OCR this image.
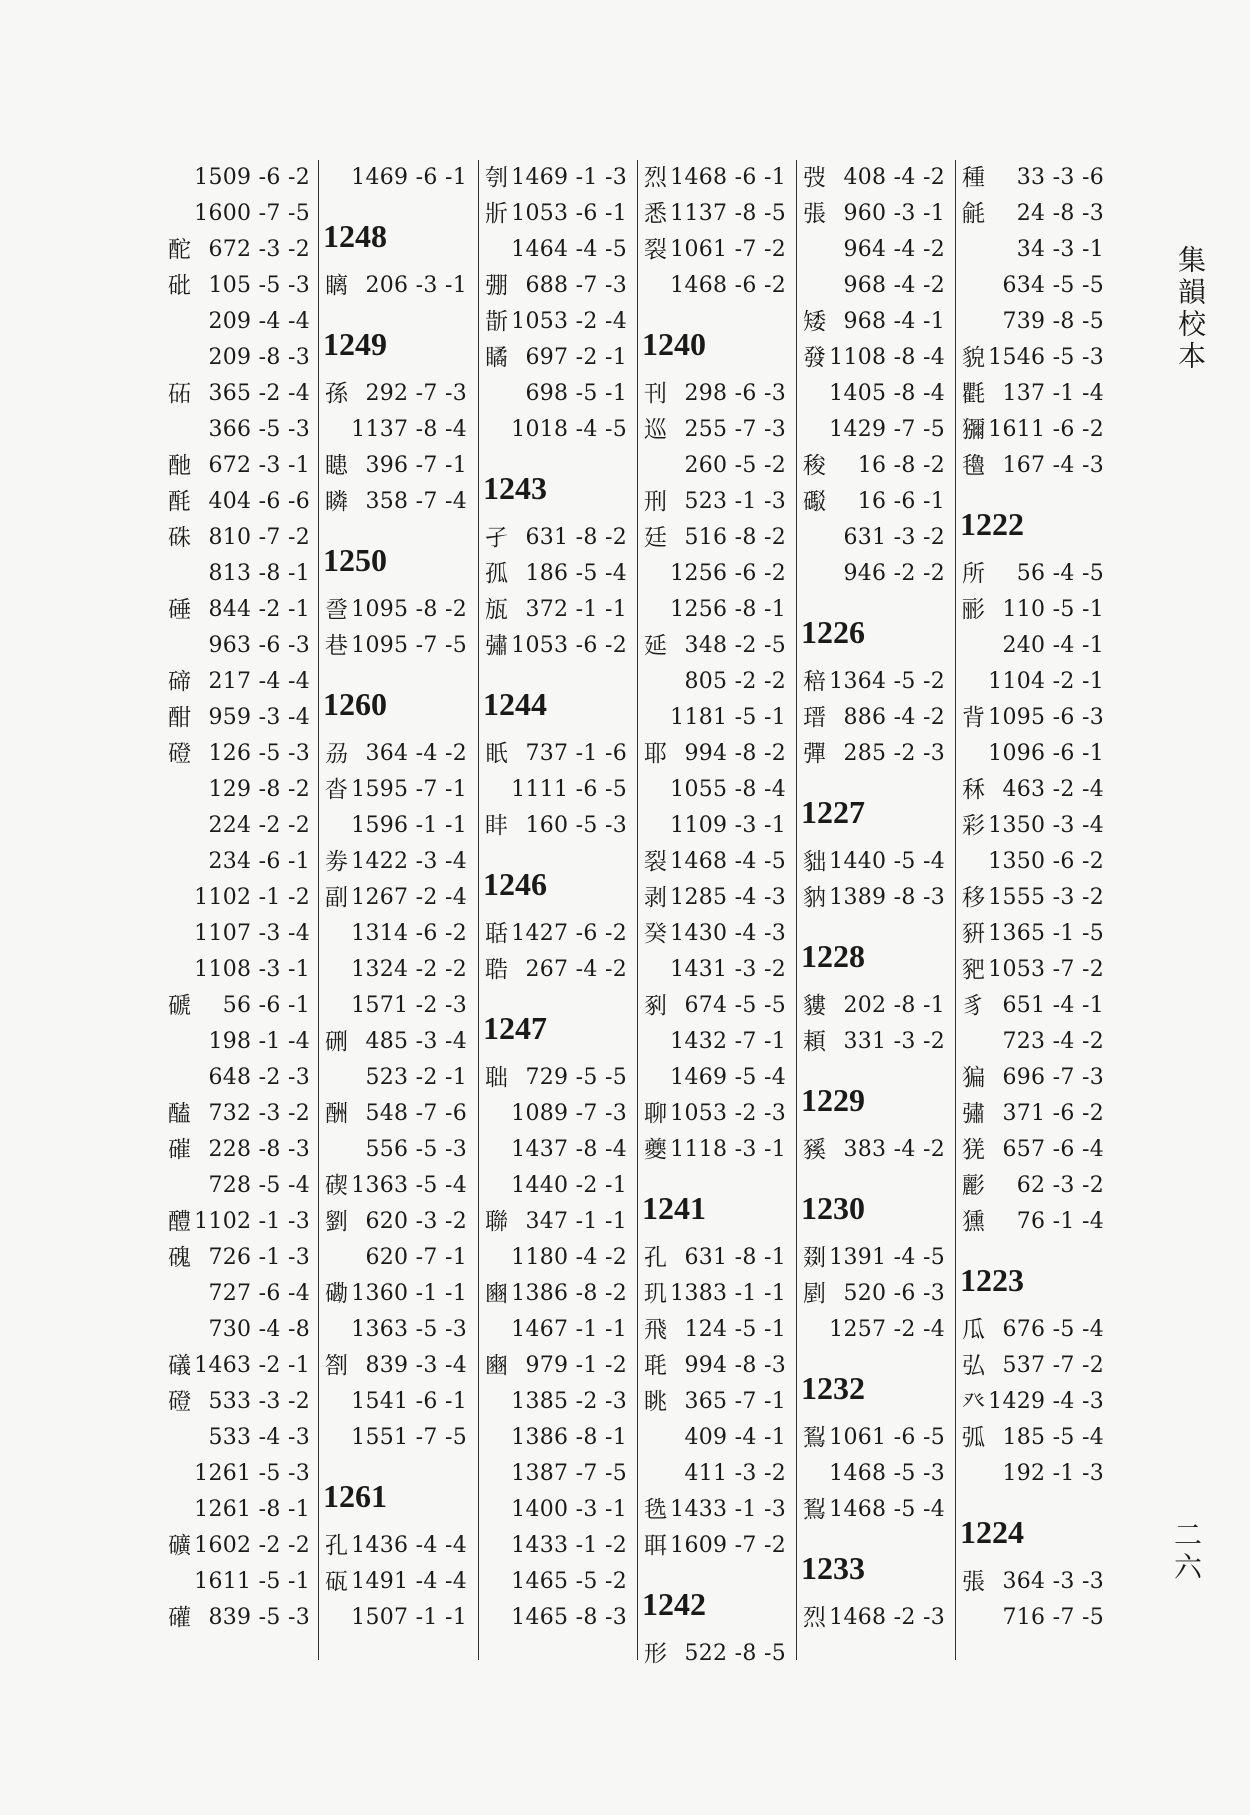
集韻校本
二六
1509 -6 -2
1600 -7 -5
酡 672 -3 -2
砒 105 -5 -3
209 -4 -4
209 -8 -3
砳 365 -2 -4
366 -5 -3
酏 672 -3 -1
酕 404 -6 -6
硃 810 -7 -2
813 -8 -1
硾 844 -2 -1
963 -6 -3
碲 217 -4 -4
酣 959 -3 -4
磴 126 -5 -3
129 -8 -2
224 -2 -2
234 -6 -1
1102 -1 -2
1107 -3 -4
1108 -3 -1
磃 56 -6 -1
198 -1 -4
648 -2 -3
醘 732 -3 -2
磪 228 -8 -3
728 -5 -4
醴 1102 -1 -3
磈 726 -1 -3
727 -6 -4
730 -4 -8
礒 1463 -2 -1
磴 533 -3 -2
533 -4 -3
1261 -5 -3
1261 -8 -1
礦 1602 -2 -2
1611 -5 -1
礶 839 -5 -3
1469 -6 -1
1248
瞝 206 -3 -1
1249
孫 292 -7 -3
1137 -8 -4
瞣 396 -7 -1
瞵 358 -7 -4
1250
巹 1095 -8 -2
巷 1095 -7 -5
1260
刕 364 -4 -2
沓 1595 -7 -1
1596 -1 -1
劵 1422 -3 -4
副 1267 -2 -4
1314 -6 -2
1324 -2 -2
1571 -2 -3
硎 485 -3 -4
523 -2 -1
酬 548 -7 -6
556 -5 -3
碶 1363 -5 -4
劉 620 -3 -2
620 -7 -1
磡 1360 -1 -1
1363 -5 -3
劄 839 -3 -4
1541 -6 -1
1551 -7 -5
1261
孔 1436 -4 -4
砙 1491 -4 -4
1507 -1 -1
刳 1469 -1 -3
斨 1053 -6 -1
1464 -4 -5
弸 688 -7 -3
斮 1053 -2 -4
瞲 697 -2 -1
698 -5 -1
1018 -4 -5
1243
孑 631 -8 -2
孤 186 -5 -4
瓬 372 -1 -1
彇 1053 -6 -2
1244
眂 737 -1 -6
1111 -6 -5
盽 160 -5 -3
1246
聒 1427 -6 -2
聕 267 -4 -2
1247
聉 729 -5 -5
1089 -7 -3
1437 -8 -4
1440 -2 -1
聯 347 -1 -1
1180 -4 -2
豳 1386 -8 -2
1467 -1 -1
豳 979 -1 -2
1385 -2 -3
1386 -8 -1
1387 -7 -5
1400 -3 -1
1433 -1 -2
1465 -5 -2
1465 -8 -3
烈 1468 -6 -1
悉 1137 -8 -5
裂 1061 -7 -2
1468 -6 -2
1240
刊 298 -6 -3
巡 255 -7 -3
260 -5 -2
刑 523 -1 -3
廷 516 -8 -2
1256 -6 -2
1256 -8 -1
延 348 -2 -5
805 -2 -2
1181 -5 -1
耶 994 -8 -2
1055 -8 -4
1109 -3 -1
裂 1468 -4 -5
剥 1285 -4 -3
癸 1430 -4 -3
1431 -3 -2
剢 674 -5 -5
1432 -7 -1
1469 -5 -4
聊 1053 -2 -3
夔 1118 -3 -1
1241
孔 631 -8 -1
玑 1383 -1 -1
飛 124 -5 -1
毦 994 -8 -3
眺 365 -7 -1
409 -4 -1
411 -3 -2
毨 1433 -1 -3
聑 1609 -7 -2
1242
形 522 -8 -5
弢 408 -4 -2
張 960 -3 -1
964 -4 -2
968 -4 -2
矮 968 -4 -1
發 1108 -8 -4
1405 -8 -4
1429 -7 -5
稄 16 -8 -2
礟 16 -6 -1
631 -3 -2
946 -2 -2
1226
稖 1364 -5 -2
瑨 886 -4 -2
彈 285 -2 -3
1227
貀 1440 -5 -4
豽 1389 -8 -3
1228
貗 202 -8 -1
頛 331 -3 -2
1229
豯 383 -4 -2
1230
剟 1391 -4 -5
剭 520 -6 -3
1257 -2 -4
1232
鴷 1061 -6 -5
1468 -5 -3
鴷 1468 -5 -4
1233
烈 1468 -2 -3
種 33 -3 -6
毹 24 -8 -3
34 -3 -1
634 -5 -5
739 -8 -5
貌 1546 -5 -3
氍 137 -1 -4
獼 1611 -6 -2
氌 167 -4 -3
1222
所 56 -4 -5
彨 110 -5 -1
240 -4 -1
1104 -2 -1
背 1095 -6 -3
1096 -6 -1
秝 463 -2 -4
彩 1350 -3 -4
1350 -6 -2
移 1555 -3 -2
豣 1365 -1 -5
豝 1053 -7 -2
豸 651 -4 -1
723 -4 -2
猵 696 -7 -3
彇 371 -6 -2
猐 657 -6 -4
彲 62 -3 -2
獯 76 -1 -4
1223
瓜 676 -5 -4
弘 537 -7 -2
癶 1429 -4 -3
弧 185 -5 -4
192 -1 -3
1224
張 364 -3 -3
716 -7 -5
